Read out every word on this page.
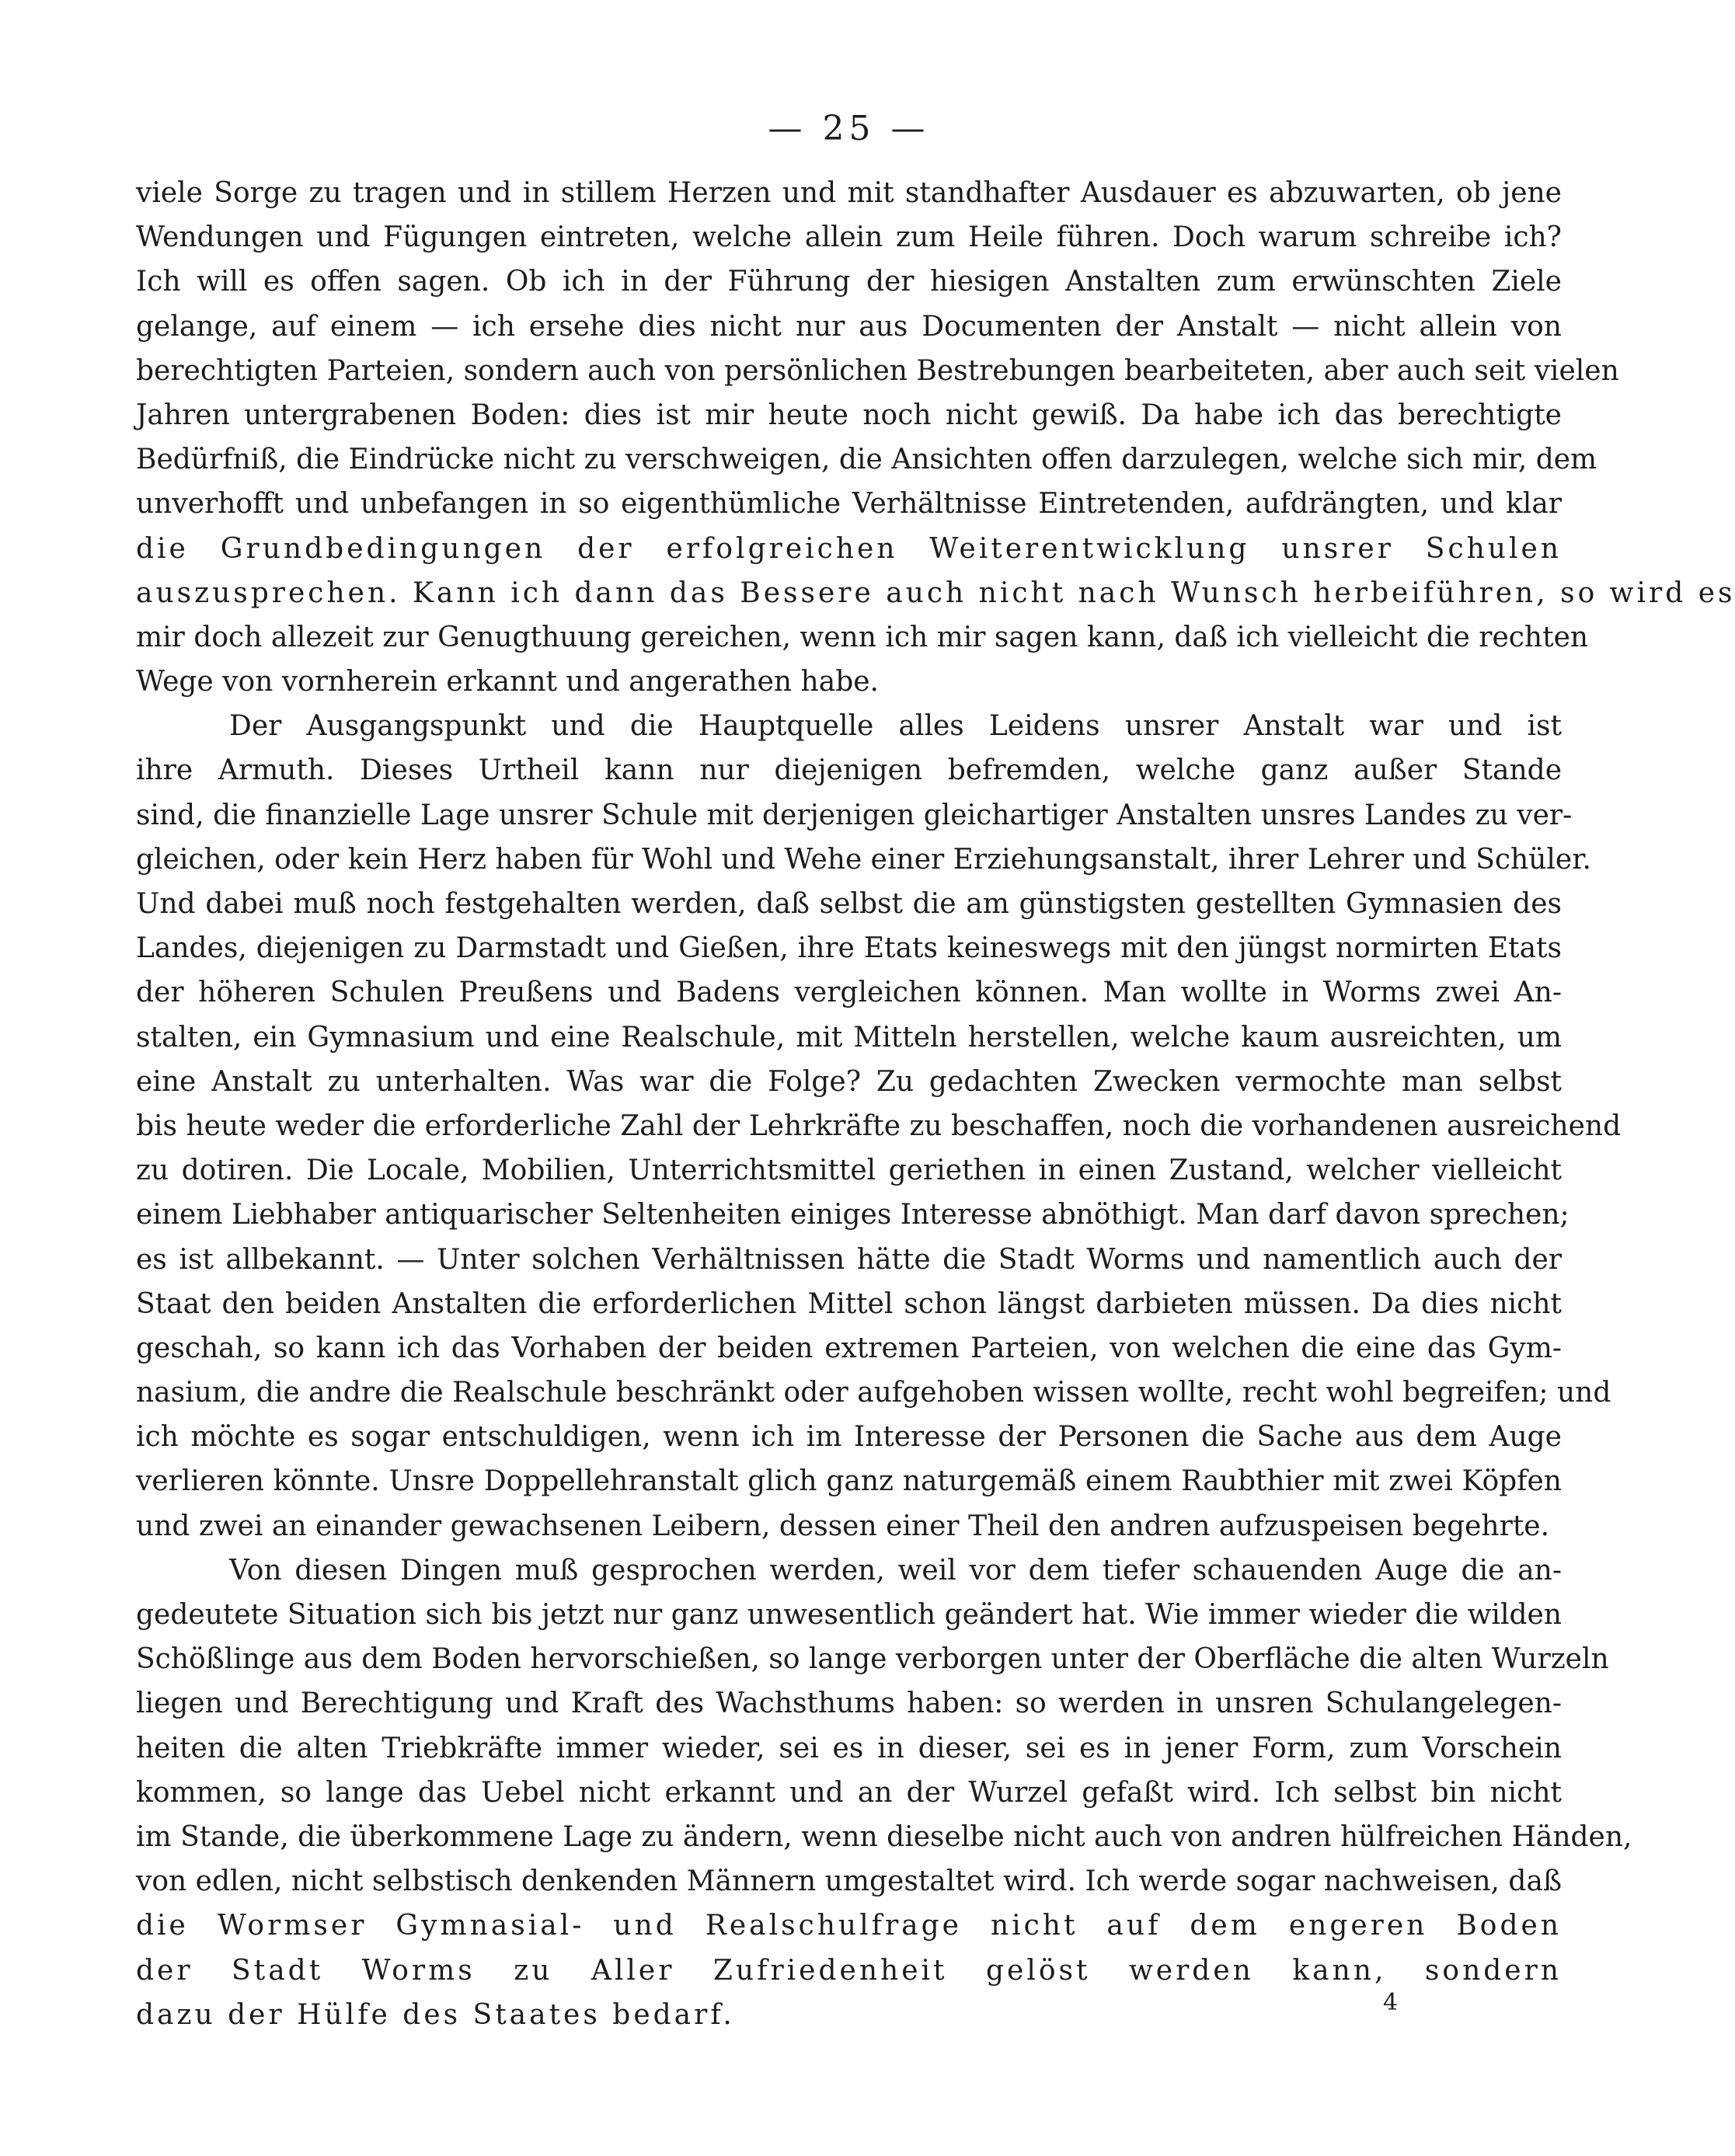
— 25 —
viele Sorge zu tragen und in stillem Herzen und mit standhafter Ausdauer es abzuwarten, ob jene
Wendungen und Fügungen eintreten, welche allein zum Heile führen. Doch warum schreibe ich?
Ich will es offen sagen. Ob ich in der Führung der hiesigen Anstalten zum erwünschten Ziele
gelange, auf einem — ich ersehe dies nicht nur aus Documenten der Anstalt — nicht allein von
berechtigten Parteien, sondern auch von persönlichen Bestrebungen bearbeiteten, aber auch seit vielen
Jahren untergrabenen Boden: dies ist mir heute noch nicht gewiß. Da habe ich das berechtigte
Bedürfniß, die Eindrücke nicht zu verschweigen, die Ansichten offen darzulegen, welche sich mir, dem
unverhofft und unbefangen in so eigenthümliche Verhältnisse Eintretenden, aufdrängten, und klar
die Grundbedingungen der erfolgreichen Weiterentwicklung unsrer Schulen
auszusprechen. Kann ich dann das Bessere auch nicht nach Wunsch herbeiführen, so wird es
mir doch allezeit zur Genugthuung gereichen, wenn ich mir sagen kann, daß ich vielleicht die rechten
Wege von vornherein erkannt und angerathen habe.
Der Ausgangspunkt und die Hauptquelle alles Leidens unsrer Anstalt war und ist
ihre Armuth. Dieses Urtheil kann nur diejenigen befremden, welche ganz außer Stande
sind, die finanzielle Lage unsrer Schule mit derjenigen gleichartiger Anstalten unsres Landes zu ver-
gleichen, oder kein Herz haben für Wohl und Wehe einer Erziehungsanstalt, ihrer Lehrer und Schüler.
Und dabei muß noch festgehalten werden, daß selbst die am günstigsten gestellten Gymnasien des
Landes, diejenigen zu Darmstadt und Gießen, ihre Etats keineswegs mit den jüngst normirten Etats
der höheren Schulen Preußens und Badens vergleichen können. Man wollte in Worms zwei An-
stalten, ein Gymnasium und eine Realschule, mit Mitteln herstellen, welche kaum ausreichten, um
eine Anstalt zu unterhalten. Was war die Folge? Zu gedachten Zwecken vermochte man selbst
bis heute weder die erforderliche Zahl der Lehrkräfte zu beschaffen, noch die vorhandenen ausreichend
zu dotiren. Die Locale, Mobilien, Unterrichtsmittel geriethen in einen Zustand, welcher vielleicht
einem Liebhaber antiquarischer Seltenheiten einiges Interesse abnöthigt. Man darf davon sprechen;
es ist allbekannt. — Unter solchen Verhältnissen hätte die Stadt Worms und namentlich auch der
Staat den beiden Anstalten die erforderlichen Mittel schon längst darbieten müssen. Da dies nicht
geschah, so kann ich das Vorhaben der beiden extremen Parteien, von welchen die eine das Gym-
nasium, die andre die Realschule beschränkt oder aufgehoben wissen wollte, recht wohl begreifen; und
ich möchte es sogar entschuldigen, wenn ich im Interesse der Personen die Sache aus dem Auge
verlieren könnte. Unsre Doppellehranstalt glich ganz naturgemäß einem Raubthier mit zwei Köpfen
und zwei an einander gewachsenen Leibern, dessen einer Theil den andren aufzuspeisen begehrte.
Von diesen Dingen muß gesprochen werden, weil vor dem tiefer schauenden Auge die an-
gedeutete Situation sich bis jetzt nur ganz unwesentlich geändert hat. Wie immer wieder die wilden
Schößlinge aus dem Boden hervorschießen, so lange verborgen unter der Oberfläche die alten Wurzeln
liegen und Berechtigung und Kraft des Wachsthums haben: so werden in unsren Schulangelegen-
heiten die alten Triebkräfte immer wieder, sei es in dieser, sei es in jener Form, zum Vorschein
kommen, so lange das Uebel nicht erkannt und an der Wurzel gefaßt wird. Ich selbst bin nicht
im Stande, die überkommene Lage zu ändern, wenn dieselbe nicht auch von andren hülfreichen Händen,
von edlen, nicht selbstisch denkenden Männern umgestaltet wird. Ich werde sogar nachweisen, daß
die Wormser Gymnasial- und Realschulfrage nicht auf dem engeren Boden
der Stadt Worms zu Aller Zufriedenheit gelöst werden kann, sondern
dazu der Hülfe des Staates bedarf.	4
